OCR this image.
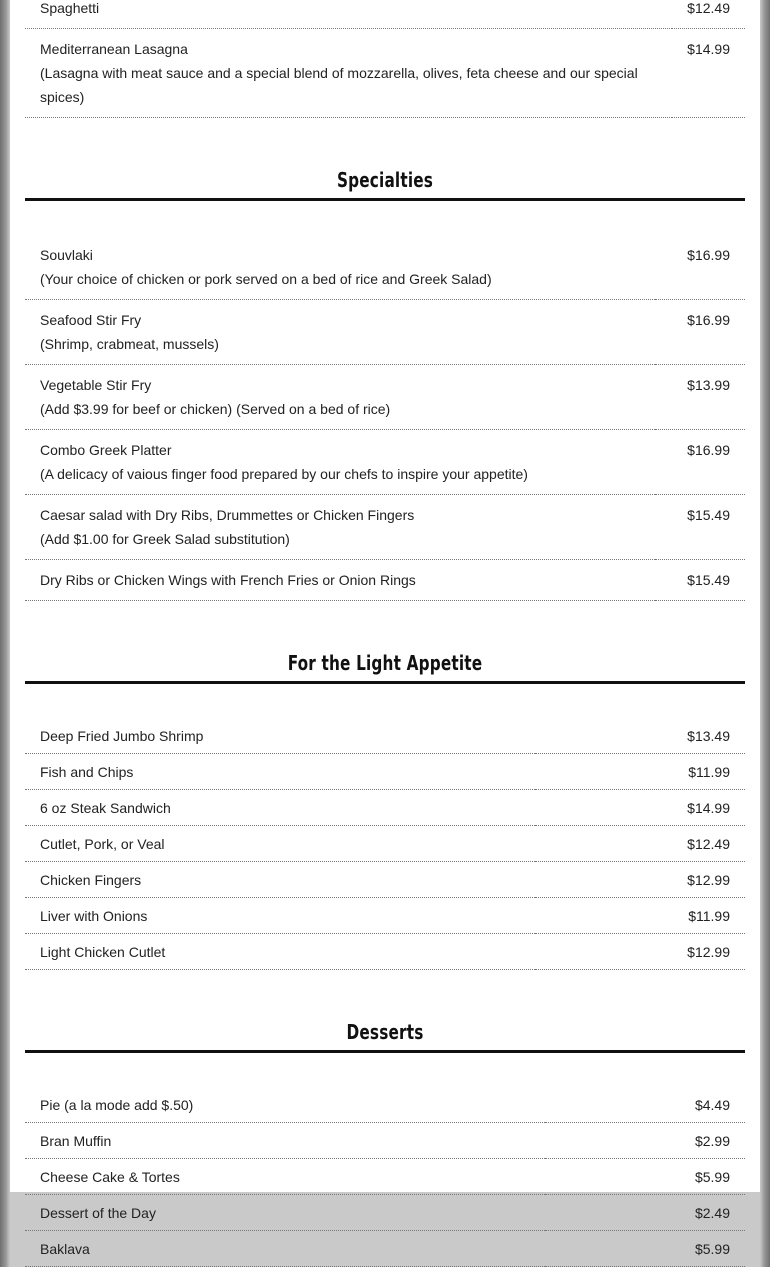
Spaghetti	$12.49

Mediterranean Lasagna
(Lasagna with meat sauce and a special blend of mozzarella, olives, feta cheese and our special spices)	$14.99
Specialties
Souvlaki
(Your choice of chicken or pork served on a bed of rice and Greek Salad)	$16.99

Seafood Stir Fry
(Shrimp, crabmeat, mussels)	$16.99

Vegetable Stir Fry
(Add $3.99 for beef or chicken) (Served on a bed of rice)	$13.99

Combo Greek Platter
(A delicacy of vaious finger food prepared by our chefs to inspire your appetite)	$16.99

Caesar salad with Dry Ribs, Drummettes or Chicken Fingers
(Add $1.00 for Greek Salad substitution)	$15.49

Dry Ribs or Chicken Wings with French Fries or Onion Rings	$15.49
For the Light Appetite
Deep Fried Jumbo Shrimp	$13.49
Fish and Chips	$11.99
6 oz Steak Sandwich	$14.99
Cutlet, Pork, or Veal	$12.49
Chicken Fingers	$12.99
Liver with Onions	$11.99
Light Chicken Cutlet	$12.99
Desserts
Pie (a la mode add $.50)	$4.49
Bran Muffin	$2.99
Cheese Cake & Tortes	$5.99
Dessert of the Day	$2.49
Baklava	$5.99
